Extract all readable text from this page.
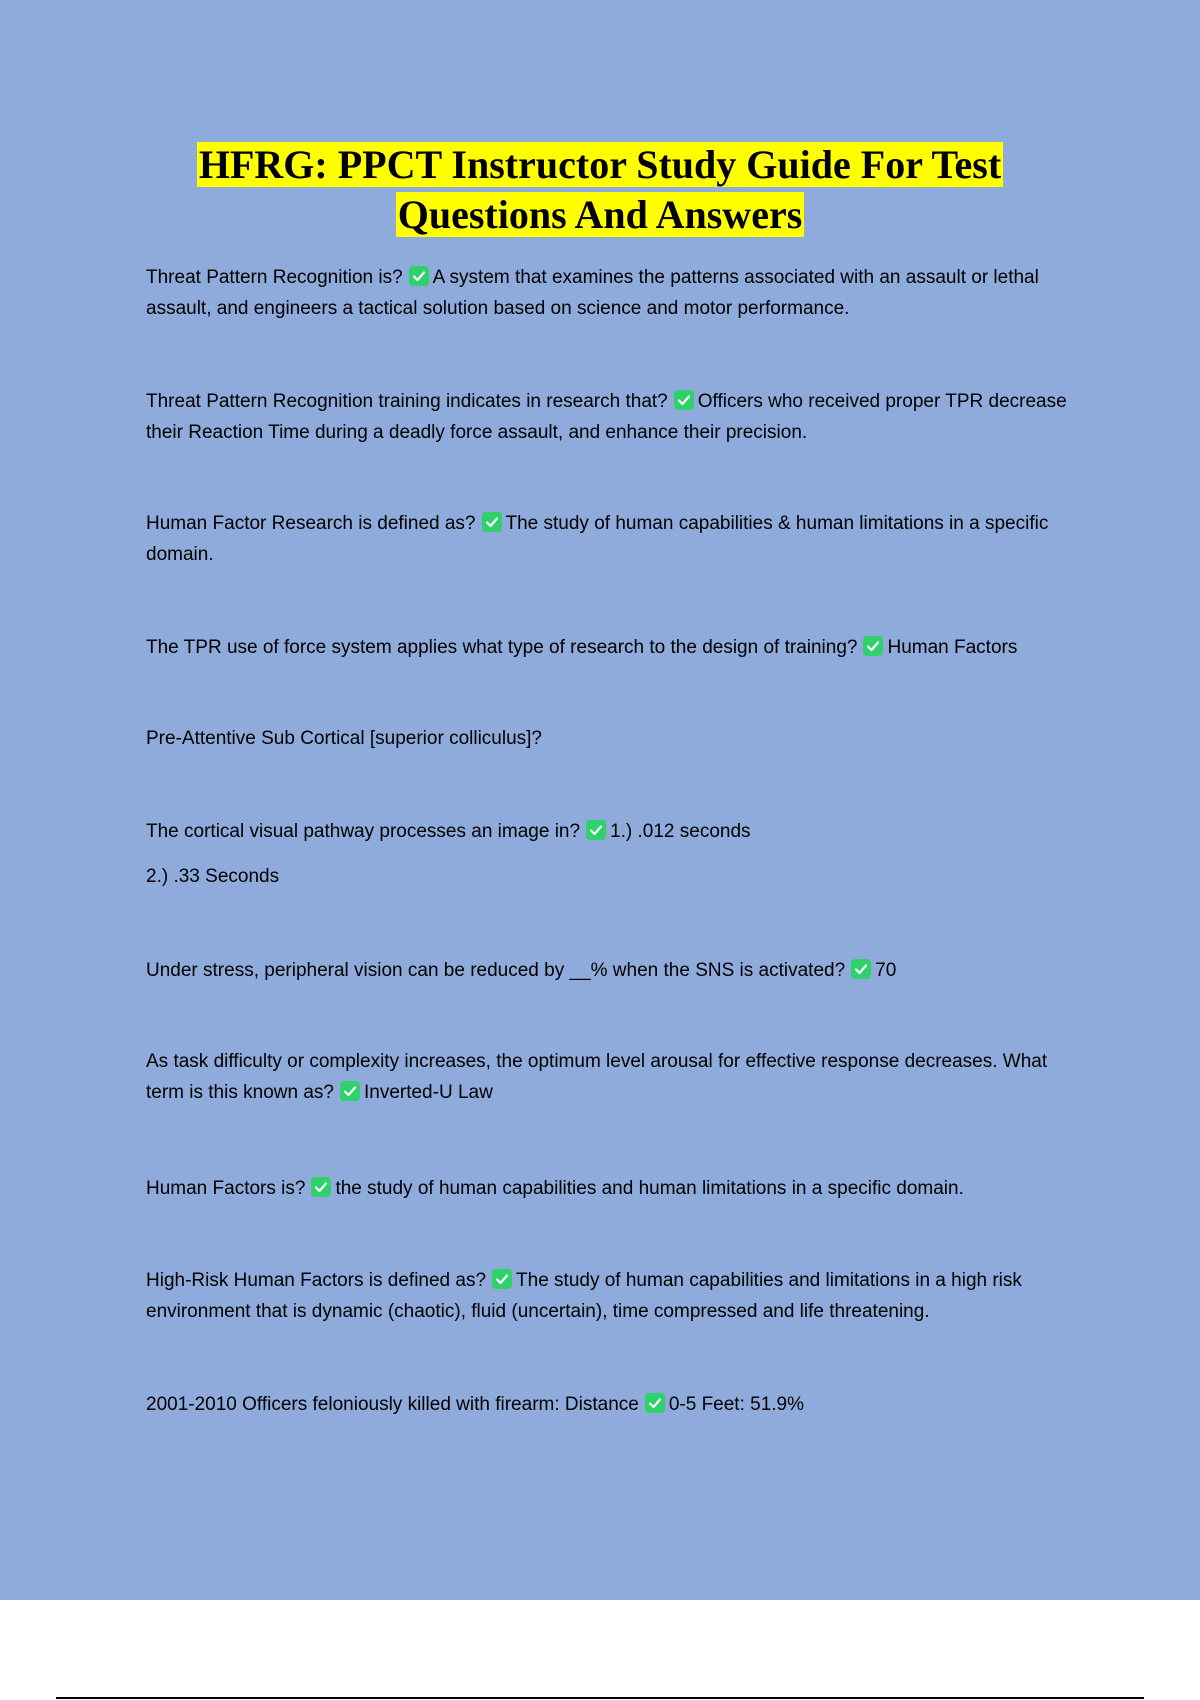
HFRG: PPCT Instructor Study Guide For Test
Questions And Answers
Threat Pattern Recognition is? A system that examines the patterns associated with an assault or lethal assault, and engineers a tactical solution based on science and motor performance.
Threat Pattern Recognition training indicates in research that? Officers who received proper TPR decrease their Reaction Time during a deadly force assault, and enhance their precision.
Human Factor Research is defined as? The study of human capabilities & human limitations in a specific domain.
The TPR use of force system applies what type of research to the design of training? Human Factors
Pre-Attentive Sub Cortical [superior colliculus]?
The cortical visual pathway processes an image in? 1.) .012 seconds
2.) .33 Seconds
Under stress, peripheral vision can be reduced by __% when the SNS is activated? 70
As task difficulty or complexity increases, the optimum level arousal for effective response decreases. What term is this known as? Inverted-U Law
Human Factors is? the study of human capabilities and human limitations in a specific domain.
High-Risk Human Factors is defined as? The study of human capabilities and limitations in a high risk environment that is dynamic (chaotic), fluid (uncertain), time compressed and life threatening.
2001-2010 Officers feloniously killed with firearm: Distance 0-5 Feet: 51.9%
